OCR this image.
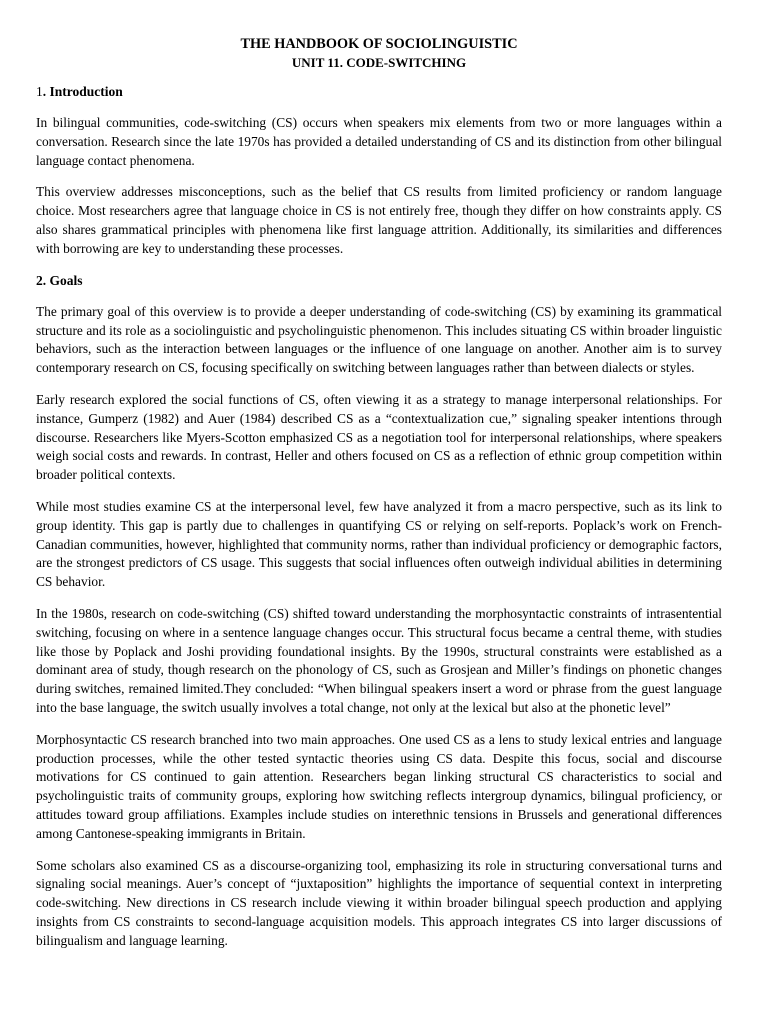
THE HANDBOOK OF SOCIOLINGUISTIC
UNIT 11. CODE-SWITCHING
1. Introduction

In bilingual communities, code-switching (CS) occurs when speakers mix elements from two or more languages within a conversation. Research since the late 1970s has provided a detailed understanding of CS and its distinction from other bilingual language contact phenomena.

This overview addresses misconceptions, such as the belief that CS results from limited proficiency or random language choice. Most researchers agree that language choice in CS is not entirely free, though they differ on how constraints apply. CS also shares grammatical principles with phenomena like first language attrition. Additionally, its similarities and differences with borrowing are key to understanding these processes.

2. Goals

The primary goal of this overview is to provide a deeper understanding of code-switching (CS) by examining its grammatical structure and its role as a sociolinguistic and psycholinguistic phenomenon. This includes situating CS within broader linguistic behaviors, such as the interaction between languages or the influence of one language on another. Another aim is to survey contemporary research on CS, focusing specifically on switching between languages rather than between dialects or styles.

Early research explored the social functions of CS, often viewing it as a strategy to manage interpersonal relationships. For instance, Gumperz (1982) and Auer (1984) described CS as a “contextualization cue,” signaling speaker intentions through discourse. Researchers like Myers-Scotton emphasized CS as a negotiation tool for interpersonal relationships, where speakers weigh social costs and rewards. In contrast, Heller and others focused on CS as a reflection of ethnic group competition within broader political contexts.

While most studies examine CS at the interpersonal level, few have analyzed it from a macro perspective, such as its link to group identity. This gap is partly due to challenges in quantifying CS or relying on self-reports. Poplack’s work on French-Canadian communities, however, highlighted that community norms, rather than individual proficiency or demographic factors, are the strongest predictors of CS usage. This suggests that social influences often outweigh individual abilities in determining CS behavior.

In the 1980s, research on code-switching (CS) shifted toward understanding the morphosyntactic constraints of intrasentential switching, focusing on where in a sentence language changes occur. This structural focus became a central theme, with studies like those by Poplack and Joshi providing foundational insights. By the 1990s, structural constraints were established as a dominant area of study, though research on the phonology of CS, such as Grosjean and Miller’s findings on phonetic changes during switches, remained limited.They concluded: “When bilingual speakers insert a word or phrase from the guest language into the base language, the switch usually involves a total change, not only at the lexical but also at the phonetic level”

Morphosyntactic CS research branched into two main approaches. One used CS as a lens to study lexical entries and language production processes, while the other tested syntactic theories using CS data. Despite this focus, social and discourse motivations for CS continued to gain attention. Researchers began linking structural CS characteristics to social and psycholinguistic traits of community groups, exploring how switching reflects intergroup dynamics, bilingual proficiency, or attitudes toward group affiliations. Examples include studies on interethnic tensions in Brussels and generational differences among Cantonese-speaking immigrants in Britain.

Some scholars also examined CS as a discourse-organizing tool, emphasizing its role in structuring conversational turns and signaling social meanings. Auer’s concept of “juxtaposition” highlights the importance of sequential context in interpreting code-switching. New directions in CS research include viewing it within broader bilingual speech production and applying insights from CS constraints to second-language acquisition models. This approach integrates CS into larger discussions of bilingualism and language learning.
